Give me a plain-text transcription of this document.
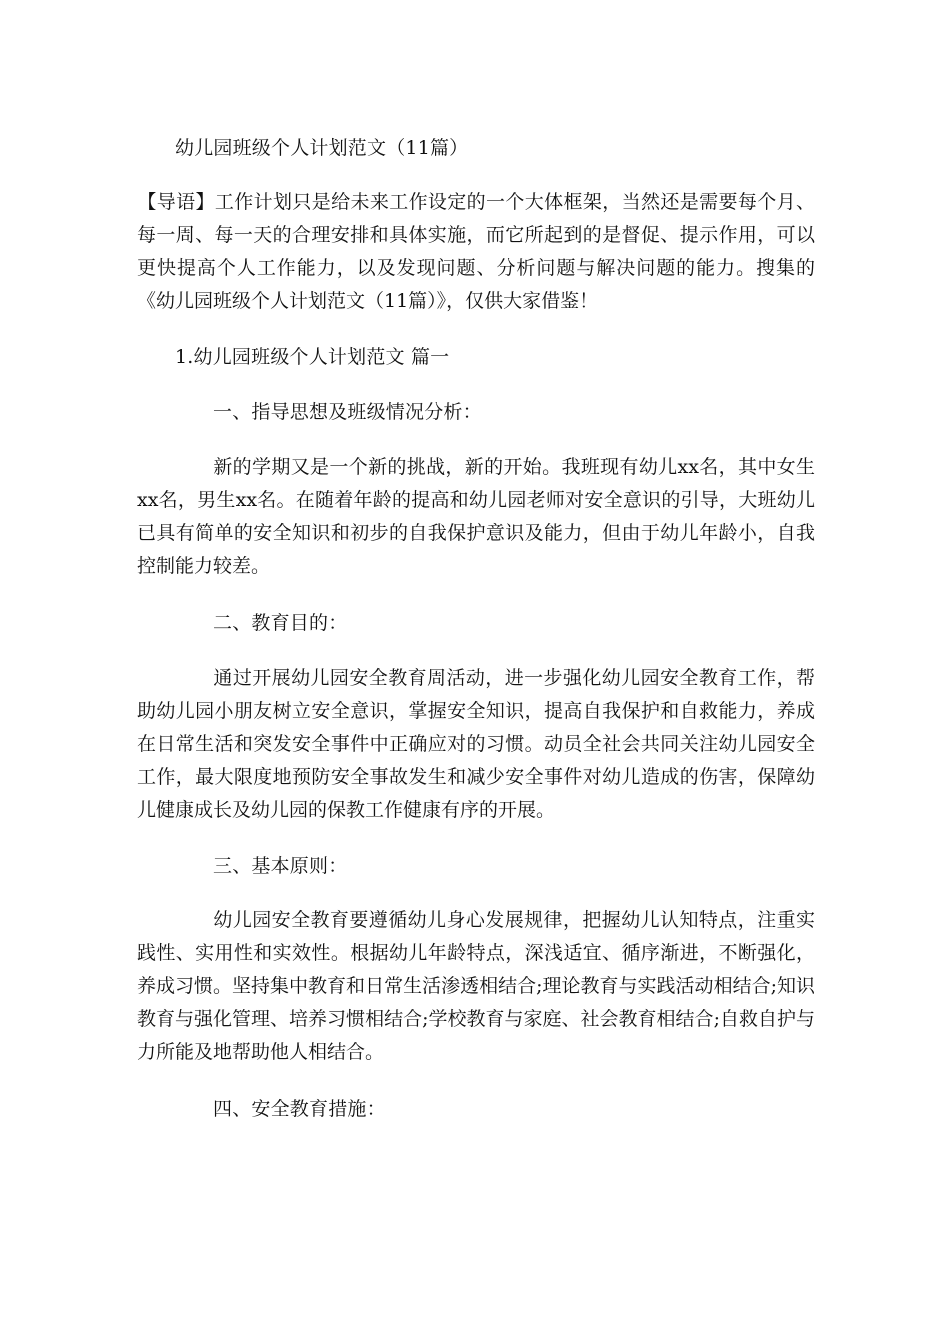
幼儿园班级个人计划范文（11篇）
【导语】工作计划只是给未来工作设定的一个大体框架，当然还是需要每个月、每一周、每一天的合理安排和具体实施，而它所起到的是督促、提示作用，可以更快提高个人工作能力，以及发现问题、分析问题与解决问题的能力。搜集的《幼儿园班级个人计划范文（11篇）》，仅供大家借鉴！
1.幼儿园班级个人计划范文 篇一
一、指导思想及班级情况分析：
新的学期又是一个新的挑战，新的开始。我班现有幼儿xx名，其中女生xx名，男生xx名。在随着年龄的提高和幼儿园老师对安全意识的引导，大班幼儿已具有简单的安全知识和初步的自我保护意识及能力，但由于幼儿年龄小，自我控制能力较差。
二、教育目的：
通过开展幼儿园安全教育周活动，进一步强化幼儿园安全教育工作，帮助幼儿园小朋友树立安全意识，掌握安全知识，提高自我保护和自救能力，养成在日常生活和突发安全事件中正确应对的习惯。动员全社会共同关注幼儿园安全工作，最大限度地预防安全事故发生和减少安全事件对幼儿造成的伤害，保障幼儿健康成长及幼儿园的保教工作健康有序的开展。
三、基本原则：
幼儿园安全教育要遵循幼儿身心发展规律，把握幼儿认知特点，注重实践性、实用性和实效性。根据幼儿年龄特点，深浅适宜、循序渐进，不断强化，养成习惯。坚持集中教育和日常生活渗透相结合;理论教育与实践活动相结合;知识教育与强化管理、培养习惯相结合;学校教育与家庭、社会教育相结合;自救自护与力所能及地帮助他人相结合。
四、安全教育措施：
